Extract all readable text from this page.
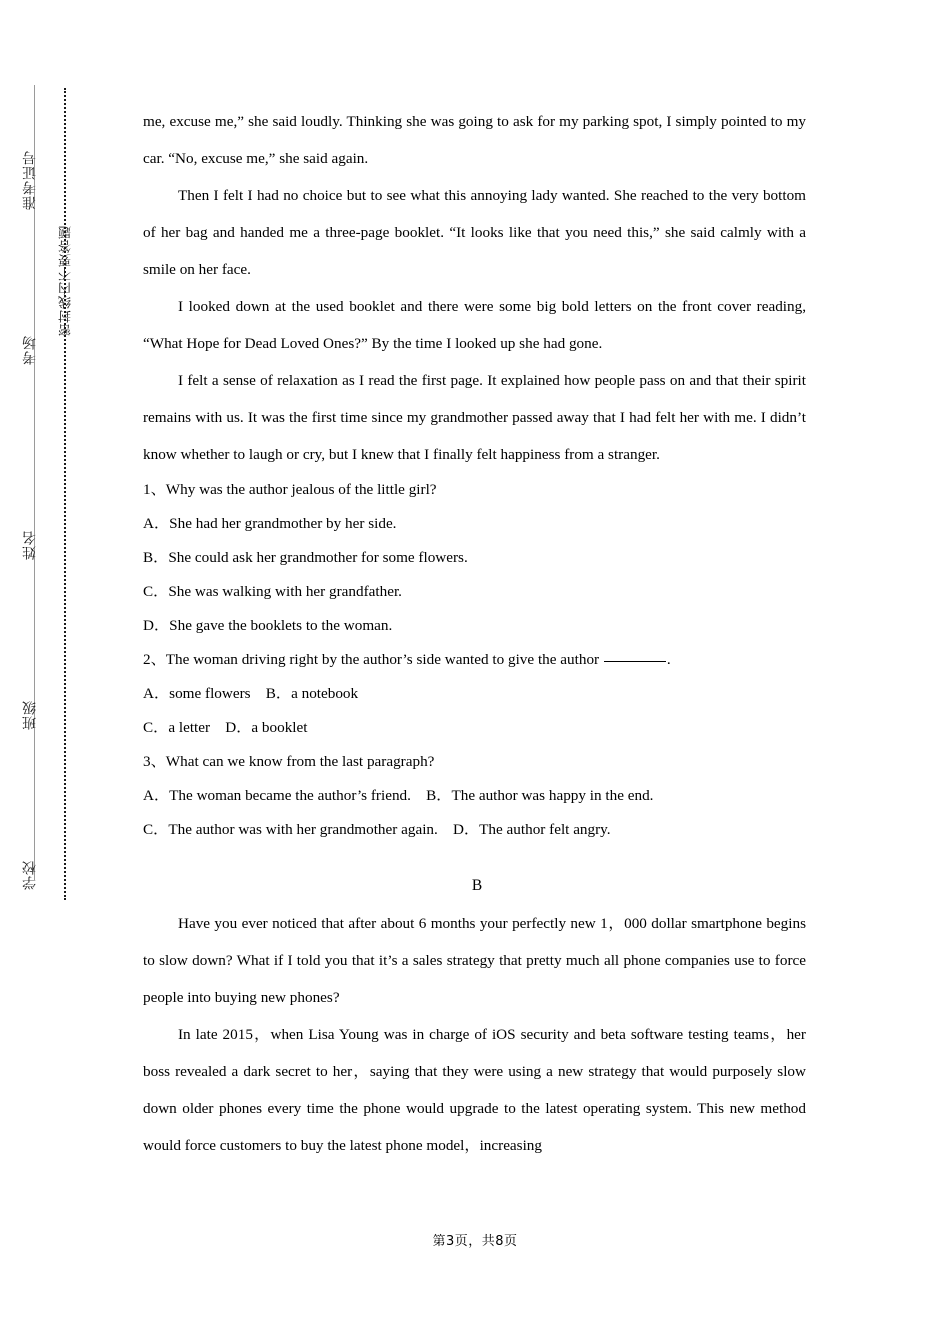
准考证号
考场
姓名
班级
学校
密封线内不要答题

me, excuse me,” she said loudly. Thinking she was going to ask for my parking spot, I simply pointed to my car. “No, excuse me,” she said again.

Then I felt I had no choice but to see what this annoying lady wanted. She reached to the very bottom of her bag and handed me a three-page booklet. “It looks like that you need this,” she said calmly with a smile on her face.

I looked down at the used booklet and there were some big bold letters on the front cover reading, “What Hope for Dead Loved Ones?” By the time I looked up she had gone.

I felt a sense of relaxation as I read the first page. It explained how people pass on and that their spirit remains with us. It was the first time since my grandmother passed away that I had felt her with me. I didn’t know whether to laugh or cry, but I knew that I finally felt happiness from a stranger.

1、Why was the author jealous of the little girl?

A．She had her grandmother by her side.

B．She could ask her grandmother for some flowers.

C．She was walking with her grandfather.

D．She gave the booklets to the woman.

2、The woman driving right by the author’s side wanted to give the author	.

A．some flowers　B．a notebook

C．a letter　D．a booklet

3、What can we know from the last paragraph?

A．The woman became the author’s friend.　B．The author was happy in the end.

C．The author was with her grandmother again.　D．The author felt angry.

B

Have you ever noticed that after about 6 months your perfectly new 1，000 dollar smartphone begins to slow down? What if I told you that it’s a sales strategy that pretty much all phone companies use to force people into buying new phones?

In late 2015，when Lisa Young was in charge of iOS security and beta software testing teams，her boss revealed a dark secret to her，saying that they were using a new strategy that would purposely slow down older phones every time the phone would upgrade to the latest operating system. This new method would force customers to buy the latest phone model，increasing

第3页，共8页
